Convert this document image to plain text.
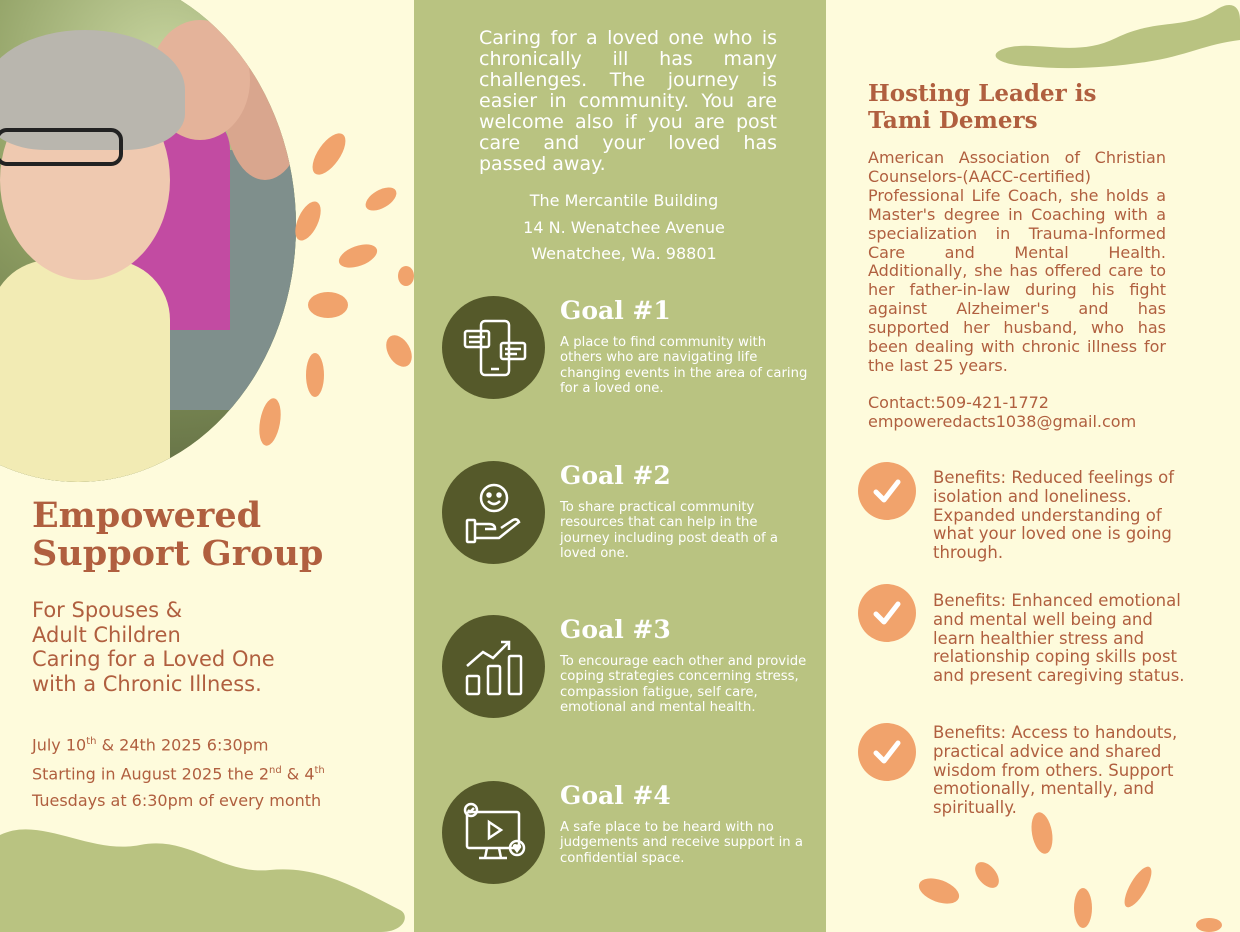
Empowered
Support Group
For Spouses &
Adult Children
Caring for a Loved One
with a Chronic Illness.
July 10th & 24th 2025 6:30pm
Starting in August 2025 the 2nd & 4th
Tuesdays at 6:30pm of every month

Caring for a loved one who is chronically ill has many challenges. The journey is easier in community. You are welcome also if you are post care and your loved has passed away.

The Mercantile Building
14 N. Wenatchee Avenue
Wenatchee, Wa. 98801
Goal #1
A place to find community with others who are navigating life changing events in the area of caring for a loved one.
Goal #2
To share practical community resources that can help in the journey including post death of a loved one.
Goal #3
To encourage each other and provide coping strategies concerning stress, compassion fatigue, self care, emotional and mental health.
Goal #4
A safe place to be heard with no judgements and receive support in a confidential space.
Hosting Leader is
Tami Demers

American Association of Christian Counselors-(AACC-certified) Professional Life Coach, she holds a Master's degree in Coaching with a specialization in Trauma-Informed Care and Mental Health. Additionally, she has offered care to her father-in-law during his fight against Alzheimer's and has supported her husband, who has been dealing with chronic illness for the last 25 years.

Contact:509-421-1772
empoweredacts1038@gmail.com
Benefits: Reduced feelings of isolation and loneliness. Expanded understanding of what your loved one is going through.
Benefits: Enhanced emotional and mental well being and learn healthier stress and relationship coping skills post and present caregiving status.
Benefits: Access to handouts, practical advice and shared wisdom from others. Support emotionally, mentally, and spiritually.
